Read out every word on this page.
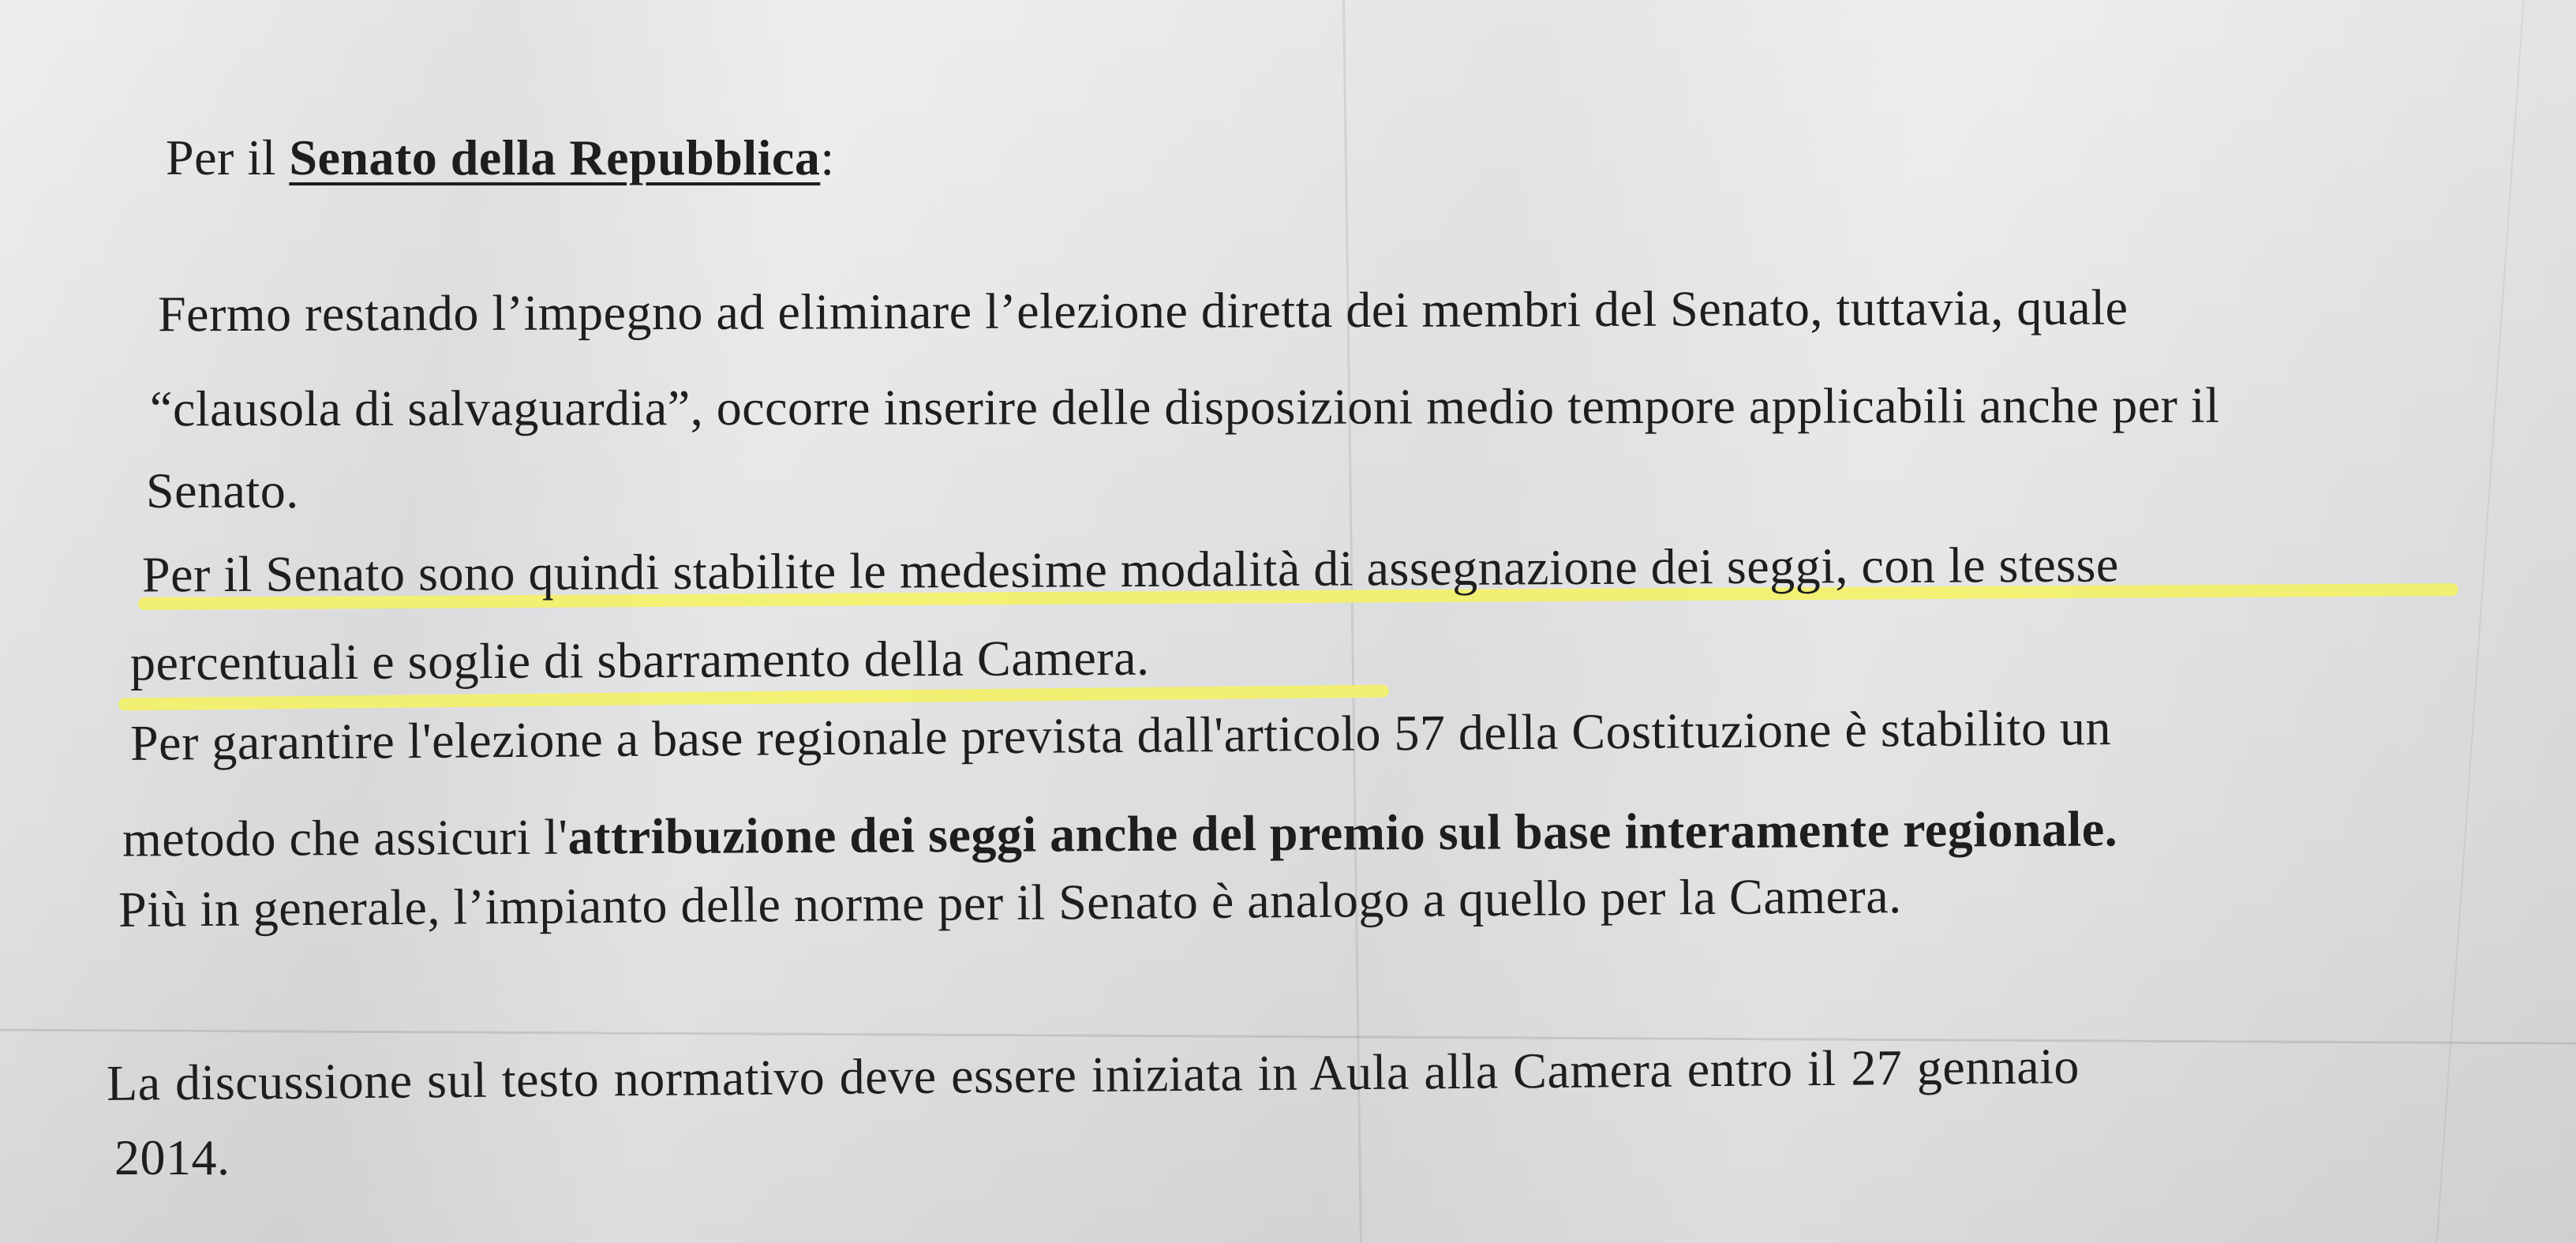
Per il Senato della Repubblica:
Fermo restando l’impegno ad eliminare l’elezione diretta dei membri del Senato, tuttavia, quale
“clausola di salvaguardia”, occorre inserire delle disposizioni medio tempore applicabili anche per il
Senato.
Per il Senato sono quindi stabilite le medesime modalità di assegnazione dei seggi, con le stesse
percentuali e soglie di sbarramento della Camera.
Per garantire l'elezione a base regionale prevista dall'articolo 57 della Costituzione è stabilito un
metodo che assicuri l'attribuzione dei seggi anche del premio sul base interamente regionale.
Più in generale, l’impianto delle norme per il Senato è analogo a quello per la Camera.
La discussione sul testo normativo deve essere iniziata in Aula alla Camera entro il 27 gennaio
2014.
